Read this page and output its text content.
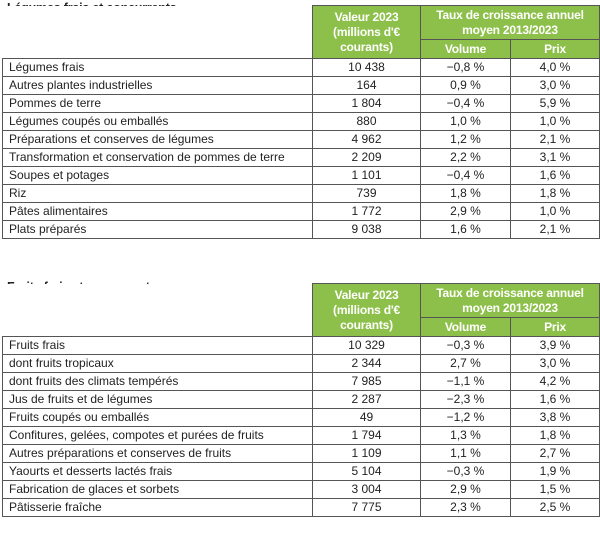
Valeur 2023
(millions d'€
courants)

Taux de croissance annuel
moyen 2013/2023

		Volume	Prix
Légumes frais	10 438	−0,8 %	4,0 %
Autres plantes industrielles	164	0,9 %	3,0 %
Pommes de terre	1 804	−0,4 %	5,9 %
Légumes coupés ou emballés	880	1,0 %	1,0 %
Préparations et conserves de légumes	4 962	1,2 %	2,1 %
Transformation et conservation de pommes de terre	2 209	2,2 %	3,1 %
Soupes et potages	1 101	−0,4 %	1,6 %
Riz	739	1,8 %	1,8 %
Pâtes alimentaires	1 772	2,9 %	1,0 %
Plats préparés	9 038	1,6 %	2,1 %

Valeur 2023
(millions d'€
courants)

Taux de croissance annuel
moyen 2013/2023

		Volume	Prix
Fruits frais	10 329	−0,3 %	3,9 %
dont fruits tropicaux	2 344	2,7 %	3,0 %
dont fruits des climats tempérés	7 985	−1,1 %	4,2 %
Jus de fruits et de légumes	2 287	−2,3 %	1,6 %
Fruits coupés ou emballés	49	−1,2 %	3,8 %
Confitures, gelées, compotes et purées de fruits	1 794	1,3 %	1,8 %
Autres préparations et conserves de fruits	1 109	1,1 %	2,7 %
Yaourts et desserts lactés frais	5 104	−0,3 %	1,9 %
Fabrication de glaces et sorbets	3 004	2,9 %	1,5 %
Pâtisserie fraîche	7 775	2,3 %	2,5 %
